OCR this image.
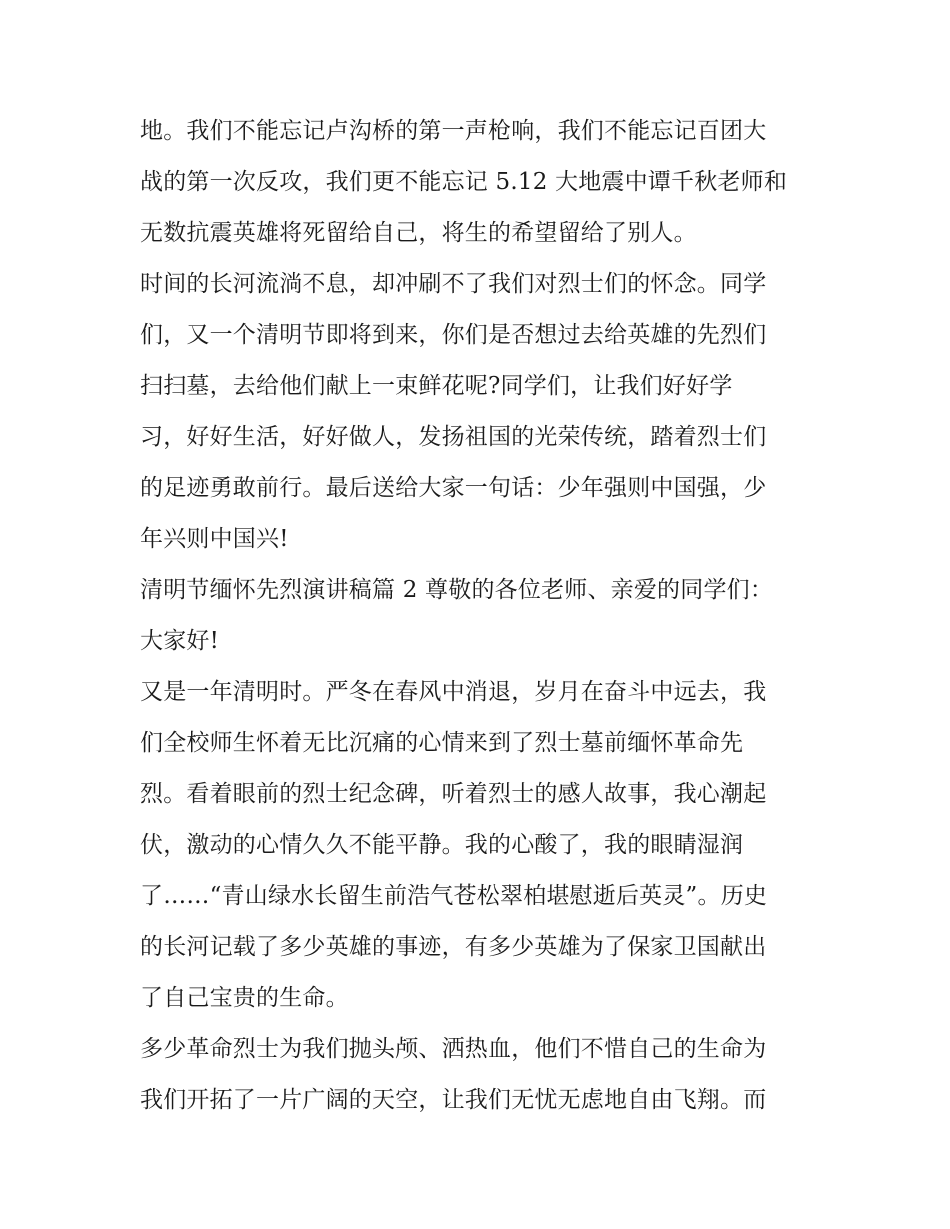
地。我们不能忘记卢沟桥的第一声枪响，我们不能忘记百团大
战的第一次反攻，我们更不能忘记 5.12 大地震中谭千秋老师和
无数抗震英雄将死留给自己，将生的希望留给了别人。
时间的长河流淌不息，却冲刷不了我们对烈士们的怀念。同学
们，又一个清明节即将到来，你们是否想过去给英雄的先烈们
扫扫墓，去给他们献上一束鲜花呢?同学们，让我们好好学
习，好好生活，好好做人，发扬祖国的光荣传统，踏着烈士们
的足迹勇敢前行。最后送给大家一句话：少年强则中国强，少
年兴则中国兴!
清明节缅怀先烈演讲稿篇 2 尊敬的各位老师、亲爱的同学们：
大家好!
又是一年清明时。严冬在春风中消退，岁月在奋斗中远去，我
们全校师生怀着无比沉痛的心情来到了烈士墓前缅怀革命先
烈。看着眼前的烈士纪念碑，听着烈士的感人故事，我心潮起
伏，激动的心情久久不能平静。我的心酸了，我的眼睛湿润
了……“青山绿水长留生前浩气苍松翠柏堪慰逝后英灵”。历史
的长河记载了多少英雄的事迹，有多少英雄为了保家卫国献出
了自己宝贵的生命。
多少革命烈士为我们抛头颅、洒热血，他们不惜自己的生命为
我们开拓了一片广阔的天空，让我们无忧无虑地自由飞翔。而
